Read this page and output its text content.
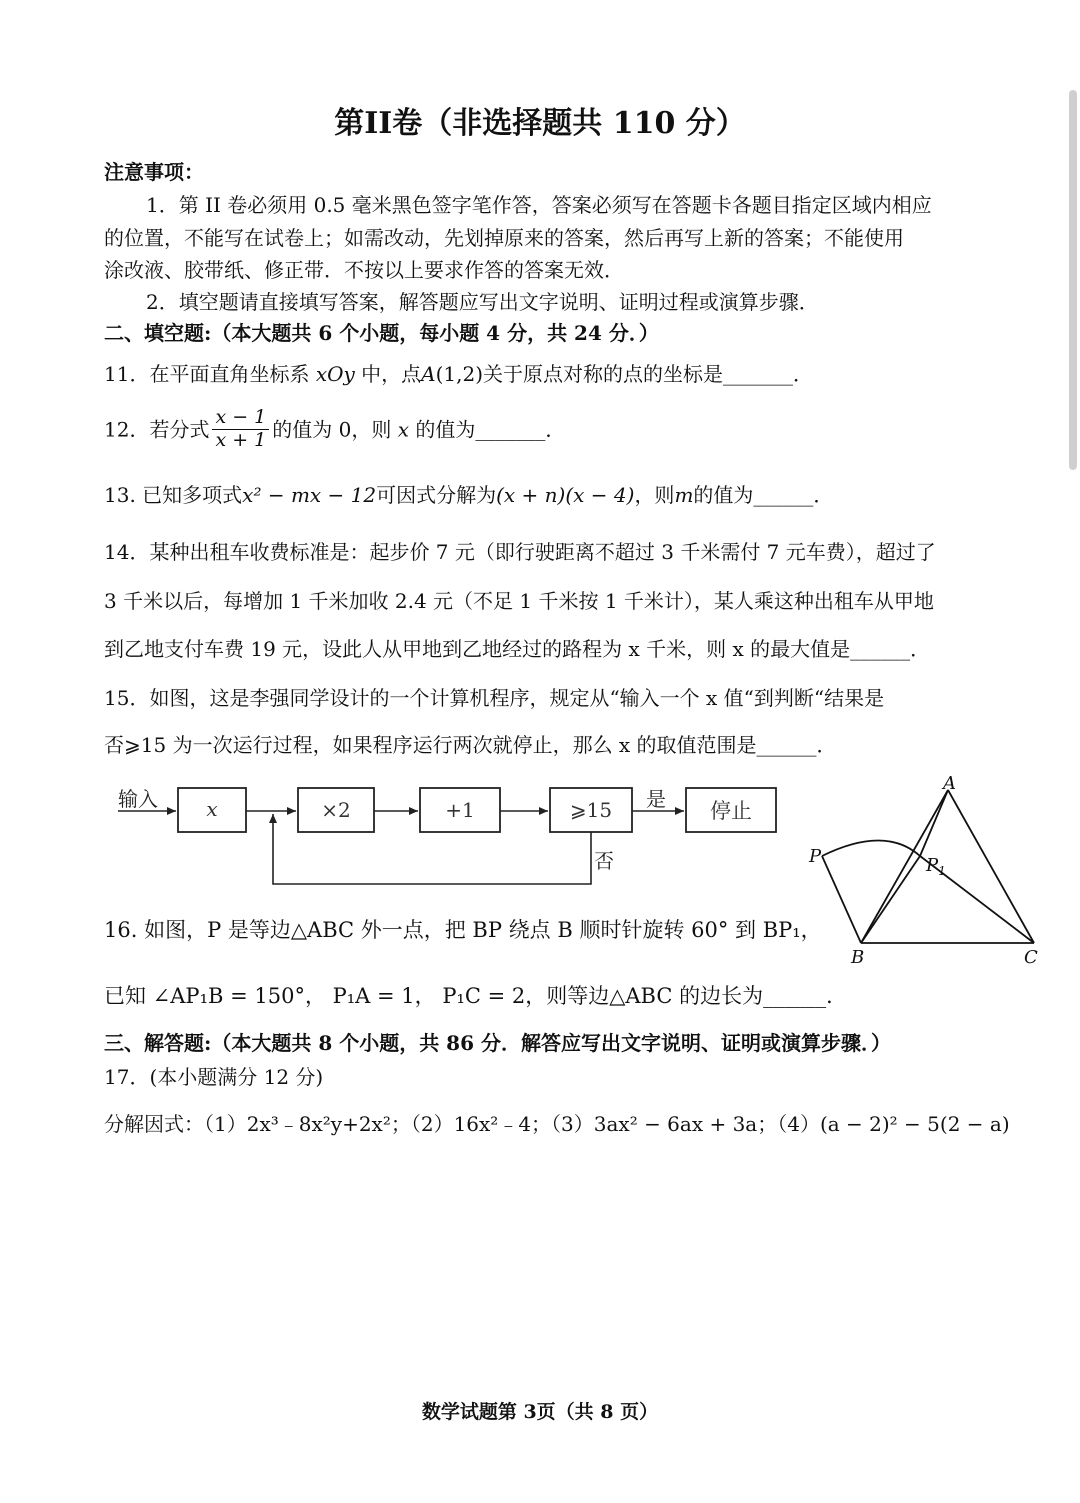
第II卷（非选择题共 110 分）
注意事项：
1．第 II 卷必须用 0.5 毫米黑色签字笔作答，答案必须写在答题卡各题目指定区域内相应
的位置，不能写在试卷上；如需改动，先划掉原来的答案，然后再写上新的答案；不能使用
涂改液、胶带纸、修正带．不按以上要求作答的答案无效．
2．填空题请直接填写答案，解答题应写出文字说明、证明过程或演算步骤．
二、填空题:（本大题共 6 个小题，每小题 4 分，共 24 分．）
11．在平面直角坐标系 xOy 中，点A(1,2)关于原点对称的点的坐标是_______．
12．若分式 $\frac{x - 1}{x + 1}$ 的值为 0，则 x 的值为_______．
13. 已知多项式x² − mx − 12可因式分解为(x + n)(x − 4)，则m的值为______．
14．某种出租车收费标准是：起步价 7 元（即行驶距离不超过 3 千米需付 7 元车费），超过了
3 千米以后，每增加 1 千米加收 2.4 元（不足 1 千米按 1 千米计），某人乘这种出租车从甲地
到乙地支付车费 19 元，设此人从甲地到乙地经过的路程为 x 千米，则 x 的最大值是______．
15．如图，这是李强同学设计的一个计算机程序，规定从“输入一个 x 值“到判断“结果是
否⩾15 为一次运行过程，如果程序运行两次就停止，那么 x 的取值范围是______．
输入 x	×2	+1	⩾15 是 停止
否
A
B	C
P	$P_1$
16. 如图，P 是等边△ABC 外一点，把 BP 绕点 B 顺时针旋转 60° 到 BP₁，
已知 ∠AP₁B = 150°， P₁A = 1， P₁C = 2，则等边△ABC 的边长为______．
三、解答题:（本大题共 8 个小题，共 86 分．解答应写出文字说明、证明或演算步骤．）
17．(本小题满分 12 分)
分解因式：（1）2x³﹣8x²y+2x²；（2）16x²﹣4；（3）3ax² − 6ax + 3a；（4）(a − 2)² − 5(2 − a)
数学试题第 3页（共 8 页）
